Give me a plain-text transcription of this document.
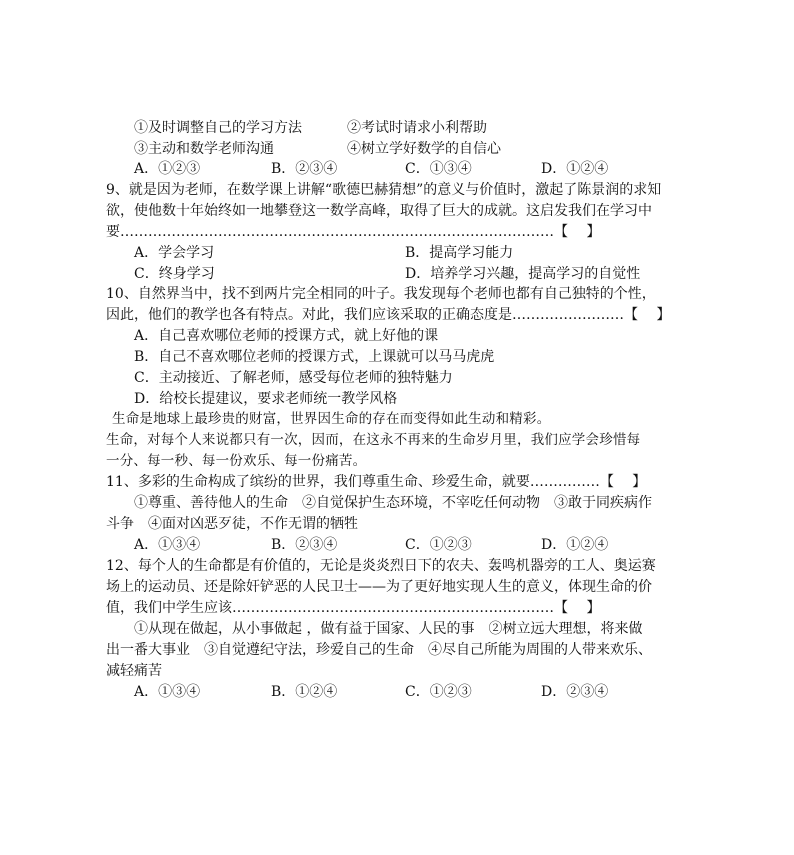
①及时调整自己的学习方法	②考试时请求小利帮助
③主动和数学老师沟通	④树立学好数学的自信心
A．①②③	B．②③④	C．①③④	D．①②④
9、就是因为老师，在数学课上讲解“歌德巴赫猜想”的意义与价值时，激起了陈景润的求知
欲，使他数十年始终如一地攀登这一数学高峰，取得了巨大的成就。这启发我们在学习中
要…………………………………………………………………………………【　 】
A．学会学习	B．提高学习能力
C．终身学习	D．培养学习兴趣，提高学习的自觉性
10、自然界当中，找不到两片完全相同的叶子。我发现每个老师也都有自己独特的个性，
因此，他们的教学也各有特点。对此，我们应该采取的正确态度是……………………【　 】
A．自己喜欢哪位老师的授课方式，就上好他的课
B．自己不喜欢哪位老师的授课方式，上课就可以马马虎虎
C．主动接近、了解老师，感受每位老师的独特魅力
D．给校长提建议，要求老师统一教学风格
生命是地球上最珍贵的财富，世界因生命的存在而变得如此生动和精彩。
生命，对每个人来说都只有一次，因而，在这永不再来的生命岁月里，我们应学会珍惜每
一分、每一秒、每一份欢乐、每一份痛苦。
11、多彩的生命构成了缤纷的世界，我们尊重生命、珍爱生命，就要……………【　 】
①尊重、善待他人的生命　②自觉保护生态环境，不宰吃任何动物　③敢于同疾病作
斗争　④面对凶恶歹徒，不作无谓的牺牲
A．①③④	B．②③④	C．①②③	D．①②④
12、每个人的生命都是有价值的，无论是炎炎烈日下的农夫、轰鸣机器旁的工人、奥运赛
场上的运动员、还是除奸铲恶的人民卫士——为了更好地实现人生的意义，体现生命的价
值，我们中学生应该……………………………………………………………【　 】
①从现在做起，从小事做起 ，做有益于国家、人民的事　②树立远大理想，将来做
出一番大事业　③自觉遵纪守法，珍爱自己的生命　④尽自己所能为周围的人带来欢乐、
减轻痛苦
A．①③④	B．①②④	C．①②③	D．②③④
